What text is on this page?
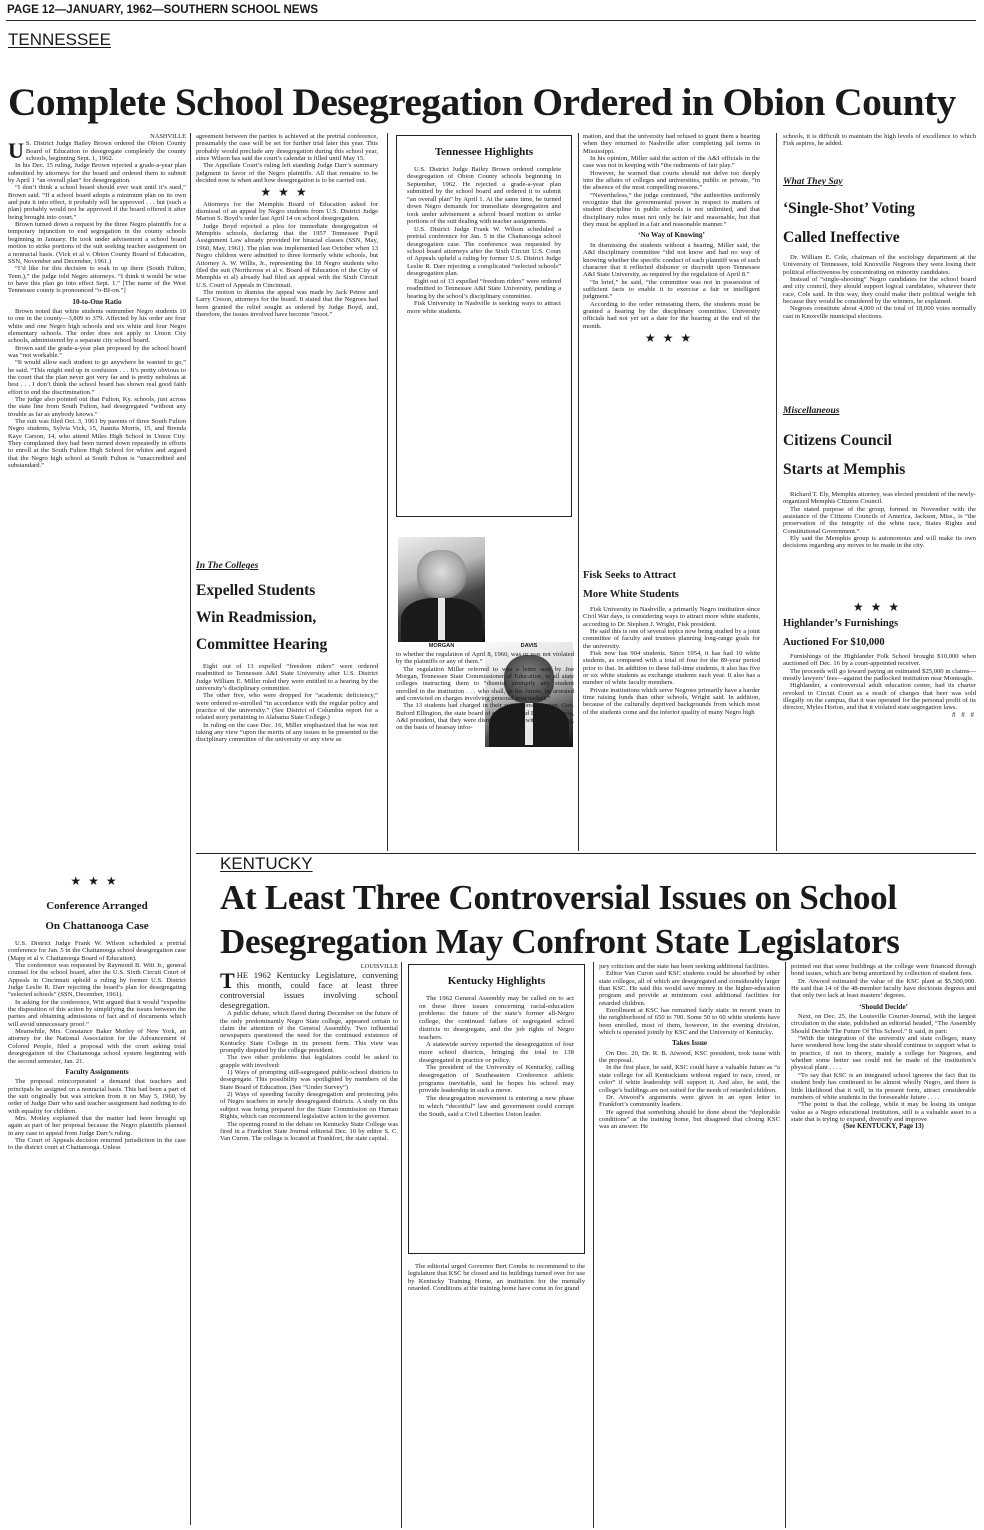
PAGE 12—JANUARY, 1962—SOUTHERN SCHOOL NEWS
TENNESSEE
Complete School Desegregation Ordered in Obion County
NASHVILLE

U S. District Judge Bailey Brown ordered the Obion County Board of Education to desegregate completely the county schools, beginning Sept. 1, 1962.

In his Dec. 15 ruling, Judge Brown rejected a grade-a-year plan submitted by attorneys for the board and ordered them to submit by April 1 “an overall plan” for desegregation.

“I don’t think a school board should ever wait until it’s sued,” Brown said. “If a school board adopts a minimum plan on its own and puts it into effect, it probably will be approved . . . but (such a plan) probably would not be approved if the board offered it after being brought into court.”

Brown turned down a request by the three Negro plaintiffs for a temporary injunction to end segregation in the county schools beginning in January. He took under advisement a school board motion to strike portions of the suit seeking teacher assignment on a nonracial basis. (Vick et al v. Obion County Board of Education, SSN, November and December, 1961.)

“I’d like for this decision to soak in up there (South Fulton, Tenn.),” the judge told Negro attorneys. “I think it would be wise to have this plan go into effect Sept. 1.” [The name of the West Tennessee county is pronounced “o-BI-on.”]

10-to-One Ratio

Brown noted that white students outnumber Negro students 10 to one in the county—3,809 to 379. Affected by his order are four white and one Negro high schools and six white and four Negro elementary schools. The order does not apply to Union City schools, administered by a separate city school board.

Brown said the grade-a-year plan proposed by the school board was “not workable.”

“It would allow each student to go anywhere he wanted to go,” he said. “This might end up in confusion . . . It’s pretty obvious to the court that the plan never got very far and is pretty nebulous at best . . . I don’t think the school board has shown real good faith effort to end the discrimination.”

The judge also pointed out that Fulton, Ky. schools, just across the state line from South Fulton, had desegregated “without any trouble as far as anybody knows.”

The suit was filed Oct. 3, 1961 by parents of three South Fulton Negro students, Sylvia Vick, 15, Juanita Morris, 15, and Brenda Kaye Carson, 14, who attend Miles High School in Union City. They complained they had been turned down repeatedly in efforts to enroll at the South Fulton High School for whites and argued that the Negro high school at South Fulton is “unaccredited and substandard.”

★★★
Conference Arranged
On Chattanooga Case

U.S. District Judge Frank W. Wilson scheduled a pretrial conference for Jan. 5 in the Chattanooga school desegregation case (Mapp et al v. Chattanooga Board of Education).

The conference was requested by Raymond B. Witt Jr., general counsel for the school board, after the U.S. Sixth Circuit Court of Appeals in Cincinnati upheld a ruling by former U.S. District Judge Leslie R. Darr rejecting the board’s plan for desegregating “selected schools” (SSN, December, 1961).

In asking for the conference, Witt argued that it would “expedite the disposition of this action by simplifying the issues between the parties and obtaining admissions of fact and of documents which will avoid unnecessary proof.”

Meanwhile, Mrs. Constance Baker Motley of New York, an attorney for the National Association for the Advancement of Colored People, filed a proposal with the court asking total desegregation of the Chattanooga school system beginning with the second semester, Jan. 21.

Faculty Assignments

The proposal reincorporated a demand that teachers and principals be assigned on a nonracial basis. This had been a part of the suit originally but was stricken from it on May 5, 1960, by order of Judge Darr who said teacher assignment had nothing to do with equality for children.

Mrs. Motley explained that the matter had been brought up again as part of her proposal because the Negro plaintiffs planned in any case to appeal from Judge Darr’s ruling.

The Court of Appeals decision returned jurisdiction in the case to the district court at Chattanooga. Unless

agreement between the parties is achieved at the pretrial conference, presumably the case will be set for further trial later this year. This probably would preclude any desegregation during this school year, since Wilson has said the court’s calendar is filled until May 15.

The Appellate Court’s ruling left standing Judge Darr’s summary judgment in favor of the Negro plaintiffs. All that remains to be decided now is when and how desegregation is to be carried out.

★★★

Attorneys for the Memphis Board of Education asked for dismissal of an appeal by Negro students from U.S. District Judge Marion S. Boyd’s order last April 14 on school desegregation.

Judge Boyd rejected a plea for immediate desegregation of Memphis schools, declaring that the 1957 Tennessee Pupil Assignment Law already provided for biracial classes (SSN, May, 1960, May, 1961). The plan was implemented last October when 13 Negro children were admitted to three formerly white schools, but Attorney A. W. Willis, Jr., representing the 18 Negro students who filed the suit (Northcross et al v. Board of Education of the City of Memphis et al) already had filed an appeal with the Sixth Circuit U.S. Court of Appeals in Cincinnati.

The motion to dismiss the appeal was made by Jack Petree and Larry Creson, attorneys for the board. It stated that the Negroes had been granted the relief sought as ordered by Judge Boyd, and, therefore, the issues involved have become “moot.”

In The Colleges
Expelled Students
Win Readmission,
Committee Hearing

Eight out of 13 expelled “freedom riders” were ordered readmitted to Tennessee A&I State University after U.S. District Judge William E. Miller ruled they were entitled to a hearing by the university’s disciplinary committee.

The other five, who were dropped for “academic deficiency,” were ordered re-enrolled “in accordance with the regular policy and practice of the university.” (See District of Columbia report for a related story pertaining to Alabama State College.)

In ruling on the case Dec. 16, Miller emphasized that he was not taking any view “upon the merits of any issues to be presented to the disciplinary committee of the university or any view as

Tennessee Highlights

U.S. District Judge Bailey Brown ordered complete desegregation of Obion County schools beginning in September, 1962. He rejected a grade-a-year plan submitted by the school board and ordered it to submit “an overall plan” by April 1. At the same time, he turned down Negro demands for immediate desegregation and took under advisement a school board motion to strike portions of the suit dealing with teacher assignments.

U.S. District Judge Frank W. Wilson scheduled a pretrial conference for Jan. 5 in the Chattanooga school desegregation case. The conference was requested by school board attorneys after the Sixth Circuit U.S. Court of Appeals upheld a ruling by former U.S. District Judge Leslie R. Darr rejecting a complicated “selected schools” desegregation plan.

Eight out of 13 expelled “freedom riders” were ordered readmitted to Tennessee A&I State University, pending a hearing by the school’s disciplinary committee.

Fisk University in Nashville is seeking ways to attract more white students.

MORGAN	DAVIS

to whether the regulation of April 8, 1960, was or was not violated by the plaintiffs or any of them.”

The regulation Miller referred to was a letter sent by Joe Morgan, Tennessee State Commissioner of Education, to all state colleges instructing them to “dismiss promptly any student enrolled in the institution . . . who shall, in the future, be arrested and convicted on charges involving personal misconduct.”

The 13 students had charged in their suit against Morgan, Gov. Buford Ellington, the state board of education and Dr. W. S. Davis, A&I president, that they were dismissed June 1 without a hearing, on the basis of hearsay infor-

mation, and that the university had refused to grant them a hearing when they returned to Nashville after completing jail terms in Mississippi.

In his opinion, Miller said the action of the A&I officials in the case was not in keeping with “the rudiments of fair play.”

However, he warned that courts should not delve too deeply into the affairs of colleges and universities, public or private, “in the absence of the most compelling reasons.”

“Nevertheless,” the judge continued, “the authorities uniformly recognize that the governmental power in respect to matters of student discipline in public schools is not unlimited, and that disciplinary rules must not only be fair and reasonable, but that they must be applied in a fair and reasonable manner.”

‘No Way of Knowing’

In dismissing the students without a hearing, Miller said, the A&I disciplinary committee “did not know and had no way of knowing whether the specific conduct of each plaintiff was of such character that it reflected dishonor or discredit upon Tennessee A&I State University, as required by the regulation of April 8.”

“In brief,” he said, “the committee was not in possession of sufficient facts to enable it to exercise a fair or intelligent judgment.”

According to the order reinstating them, the students must be granted a hearing by the disciplinary committee. University officials had not yet set a date for the hearing at the end of the month.

★★★
Fisk Seeks to Attract
More White Students

Fisk University in Nashville, a primarily Negro institution since Civil War days, is considering ways to attract more white students, according to Dr. Stephen J. Wright, Fisk president.

He said this is one of several topics now being studied by a joint committee of faculty and trustees planning long-range goals for the university.

Fisk now has 904 students. Since 1954, it has had 10 white students, as compared with a total of four for the 89-year period prior to that. In addition to these full-time students, it also has five or six white students as exchange students each year. It also has a number of white faculty members.

Private institutions which serve Negroes primarily have a harder time raising funds than other schools, Wright said. In addition, because of the culturally deprived backgrounds from which most of the students come and the inferior quality of many Negro high

schools, it is difficult to maintain the high levels of excellence to which Fisk aspires, he added.

What They Say
‘Single-Shot’ Voting
Called Ineffective

Dr. William E. Cole, chairman of the sociology department at the University of Tennessee, told Knoxville Negroes they were losing their political effectiveness by concentrating on minority candidates.

Instead of “single-shooting” Negro candidates for the school board and city council, they should support logical candidates, whatever their race, Cole said. In this way, they could make their political weight felt because they would be considered by the winners, he explained.

Negroes constitute about 4,000 of the total of 18,000 votes normally cast in Knoxville municipal elections.

Miscellaneous
Citizens Council
Starts at Memphis

Richard T. Ely, Memphis attorney, was elected president of the newly-organized Memphis Citizens Council.

The stated purpose of the group, formed in November with the assistance of the Citizens Councils of America, Jackson, Miss., is “the preservation of the integrity of the white race, States Rights and Constitutional Government.”

Ely said the Memphis group is autonomous and will make its own decisions regarding any moves to be made in the city.

★★★
Highlander’s Furnishings
Auctioned For $10,000

Furnishings of the Highlander Folk School brought $10,000 when auctioned off Dec. 16 by a court-appointed receiver.

The proceeds will go toward paying an estimated $25,000 in claims—mostly lawyers’ fees—against the padlocked institution near Monteagle.

Highlander, a controversial adult education center, had its charter revoked in Circuit Court as a result of charges that beer was sold illegally on the campus, that it was operated for the personal profit of its director, Myles Horton, and that it violated state segregation laws.

# # #
KENTUCKY
At Least Three Controversial Issues on School
Desegregation May Confront State Legislators
LOUISVILLE

THE 1962 Kentucky Legislature, convening this month, could face at least three controversial issues involving school desegregation.

A public debate, which flared during December on the future of the only predominantly Negro State college, appeared certain to claim the attention of the General Assembly. Two influential newspapers questioned the need for the continued existence of Kentucky State College in its present form. This view was promptly disputed by the college president.

The two other problems that legislators could be asked to grapple with involved:

1) Ways of prompting still-segregated public-school districts to desegregate. This possibility was spotlighted by members of the State Board of Education. (See “Under Survey”)

2) Ways of speeding faculty desegregation and protecting jobs of Negro teachers in newly desegregated districts. A study on this subject was being prepared for the State Commission on Human Rights, which can recommend legislative action to the governor.

The opening round in the debate on Kentucky State College was fired in a Frankfort State Journal editorial Dec. 10 by editor S. C. Van Curon. The college is located at Frankfort, the state capital.

Kentucky Highlights

The 1962 General Assembly may be called on to act on these three issues concerning racial-education problems: the future of the state’s former all-Negro college, the continued failure of segregated school districts to desegregate, and the job rights of Negro teachers.

A statewide survey reported the desegregation of four more school districts, bringing the total to 138 desegregated in practice or policy.

The president of the University of Kentucky, calling desegregation of Southeastern Conference athletic programs inevitable, said he hopes his school may provide leadership in such a move.

The desegregation movement is entering a new phase in which “deceitful” law and government could corrupt the South, said a Civil Liberties Union leader.

The editorial urged Governor Bert Combs to recommend to the legislature that KSC be closed and its buildings turned over for use by Kentucky Training Home, an institution for the mentally retarded. Conditions at the training home have come in for grand

jury criticism and the state has been seeking additional facilities.

Editor Van Curon said KSC students could be absorbed by other state colleges, all of which are desegregated and considerably larger than KSC. He said this would save money in the higher-education program and provide at minimum cost additional facilities for retarded children.

Enrollment at KSC has remained fairly static in recent years in the neighborhood of 650 to 700. Some 50 to 60 white students have been enrolled, most of them, however, in the evening division, which is operated jointly by KSC and the University of Kentucky.

Takes Issue

On Dec. 20, Dr. R. B. Atwood, KSC president, took issue with the proposal.

In the first place, he said, KSC could have a valuable future as “a state college for all Kentuckians without regard to race, creed, or color” if white leadership will support it. And also, he said, the college’s buildings are not suited for the needs of retarded children.

Dr. Atwood’s arguments were given in an open letter to Frankfort’s community leaders.

He agreed that something should be done about the “deplorable conditions” at the training home, but disagreed that closing KSC was an answer. He

pointed out that some buildings at the college were financed through bond issues, which are being amortized by collection of student fees.

Dr. Atwood estimated the value of the KSC plant at $5,500,000. He said that 14 of the 48-member faculty have doctorate degrees and that only two lack at least masters’ degrees.

‘Should Decide’

Next, on Dec. 25, the Louisville Courier-Journal, with the largest circulation in the state, published an editorial headed, “The Assembly Should Decide The Future Of This School.” It said, in part:

“With the integration of the university and state colleges, many have wondered how long the state should continue to support what is in practice, if not in theory, mainly a college for Negroes, and whether some better use could not be made of the institution’s physical plant . . . .

“To say that KSC is an integrated school ignores the fact that its student body has continued to be almost wholly Negro, and there is little likelihood that it will, in its present form, attract considerable numbers of white students in the foreseeable future . . . .

“The point is that the college, while it may be losing its unique value as a Negro educational institution, still is a valuable asset to a state that is trying to expand, diversify and improve

(See KENTUCKY, Page 13)
